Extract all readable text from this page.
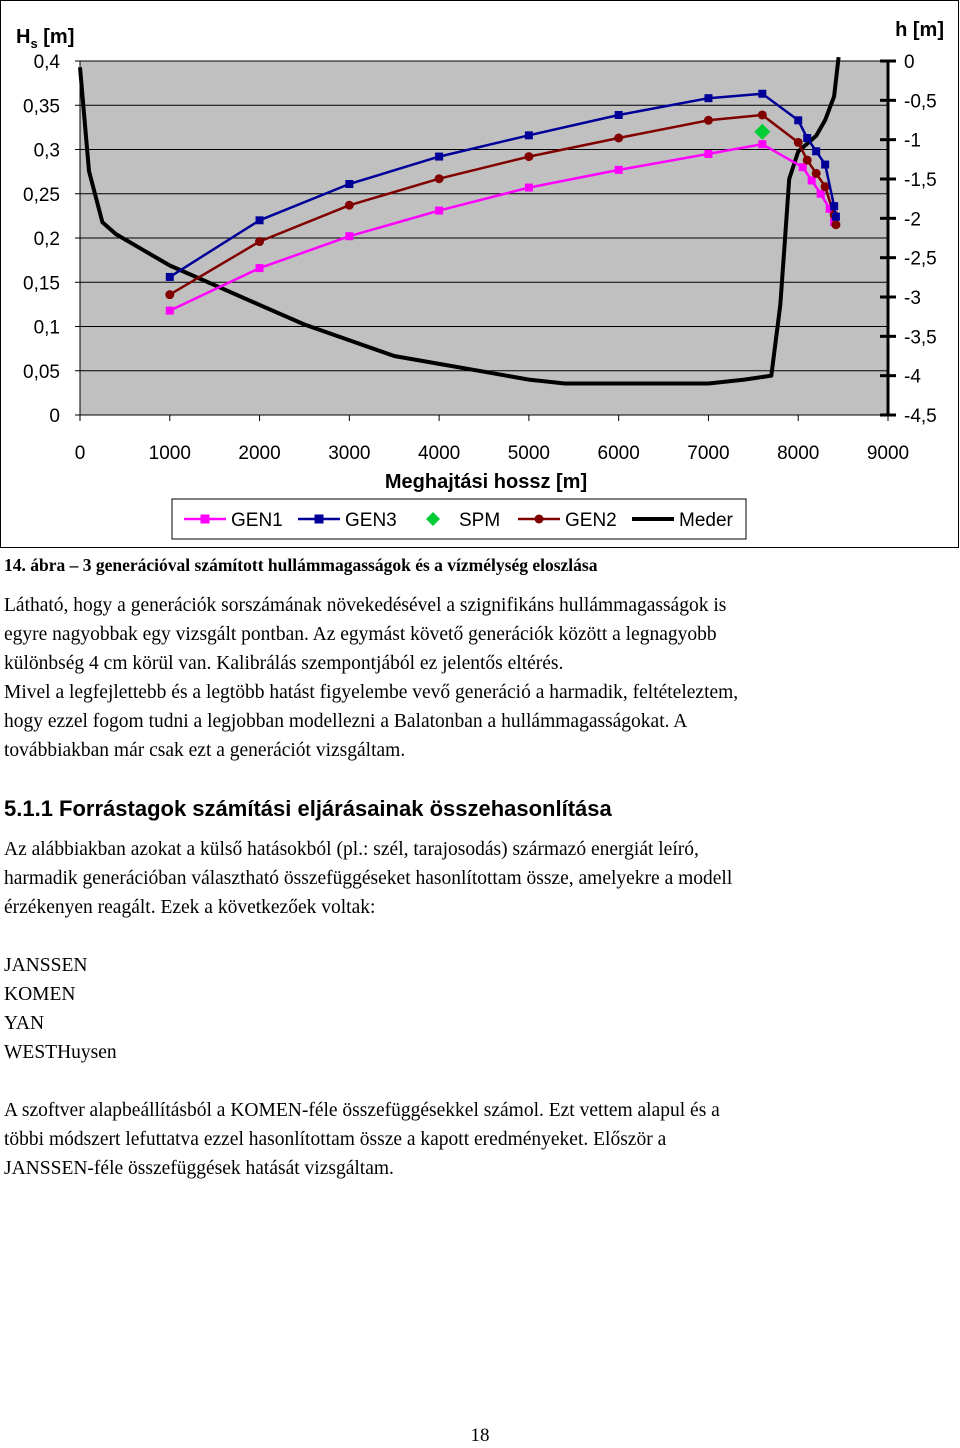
0
0,05
0,1
0,15
0,2
0,25
0,3
0,35
0,4
0	1000 2000 3000 4000 5000 6000 7000 8000 9000
-4,5
-4
-3,5
-3
-2,5
-2
-1,5
-1
-0,5
0
$H_s$ [m]	h [m]
Meghajtási hossz [m]
GEN1	GEN3	SPM	GEN2	Meder
14. ábra – 3 generációval számított hullámmagasságok és a vízmélység eloszlása

Látható, hogy a generációk sorszámának növekedésével a szignifikáns hullámmagasságok is
egyre nagyobbak egy vizsgált pontban. Az egymást követő generációk között a legnagyobb
különbség 4 cm körül van. Kalibrálás szempontjából ez jelentős eltérés.
Mivel a legfejlettebb és a legtöbb hatást figyelembe vevő generáció a harmadik, feltételeztem,
hogy ezzel fogom tudni a legjobban modellezni a Balatonban a hullámmagasságokat. A
továbbiakban már csak ezt a generációt vizsgáltam.

5.1.1 Forrástagok számítási eljárásainak összehasonlítása

Az alábbiakban azokat a külső hatásokból (pl.: szél, tarajosodás) származó energiát leíró,
harmadik generációban választható összefüggéseket hasonlítottam össze, amelyekre a modell
érzékenyen reagált. Ezek a következőek voltak:

JANSSEN
KOMEN
YAN
WESTHuysen

A szoftver alapbeállításból a KOMEN-féle összefüggésekkel számol. Ezt vettem alapul és a
többi módszert lefuttatva ezzel hasonlítottam össze a kapott eredményeket. Először a
JANSSEN-féle összefüggések hatását vizsgáltam.

18
